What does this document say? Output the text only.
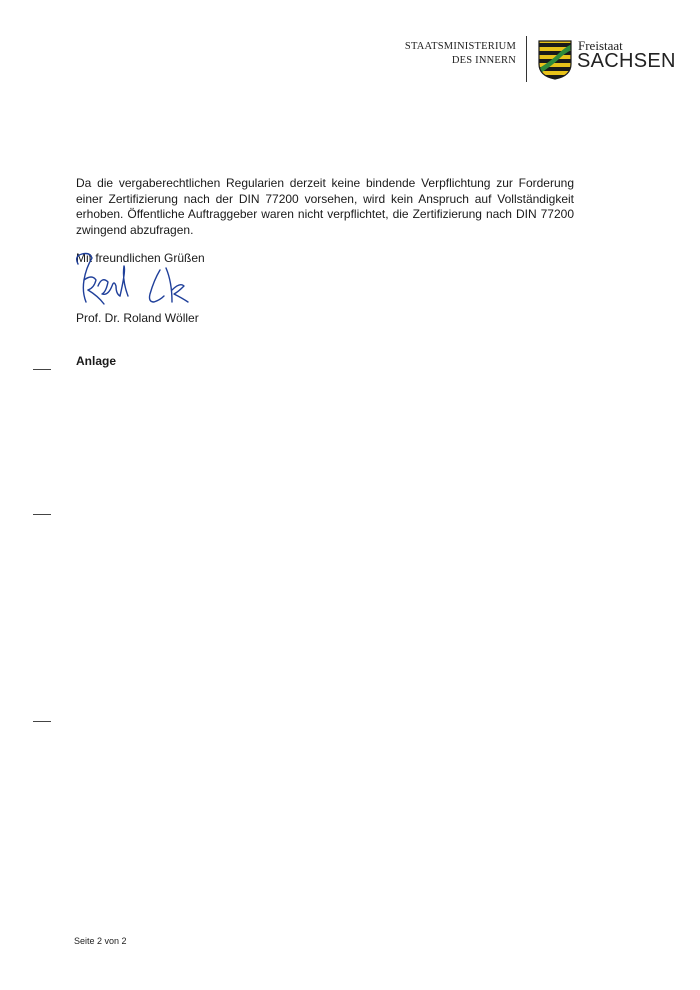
STAATSMINISTERIUM
DES INNERN
Freistaat
SACHSEN

Da die vergaberechtlichen Regularien derzeit keine bindende Verpflichtung zur Forderung einer Zertifizierung nach der DIN 77200 vorsehen, wird kein Anspruch auf Vollständigkeit erhoben. Öffentliche Auftraggeber waren nicht verpflichtet, die Zertifizierung nach DIN 77200 zwingend abzufragen.

Mit freundlichen Grüßen
Prof. Dr. Roland Wöller
Anlage
Seite 2 von 2
